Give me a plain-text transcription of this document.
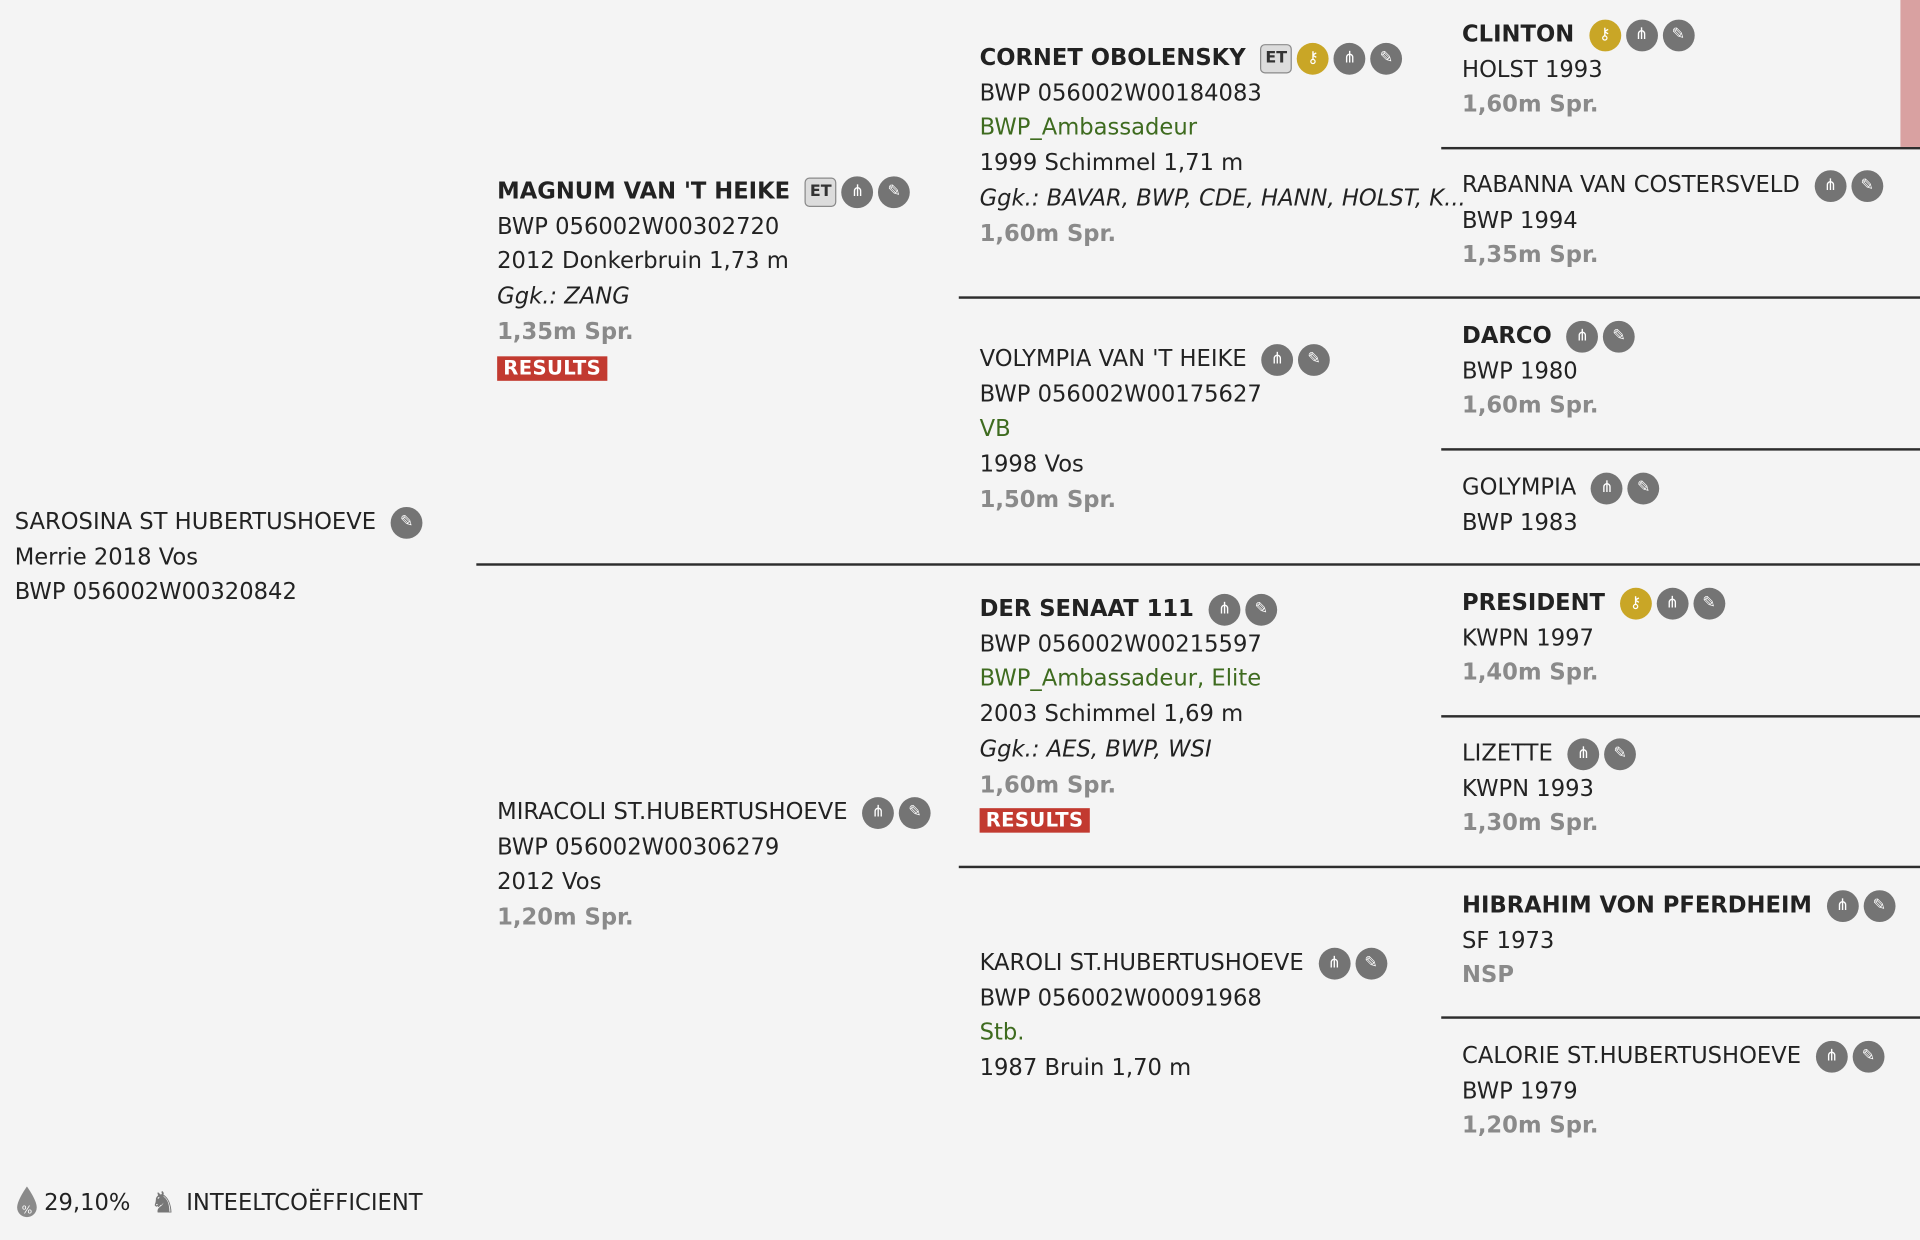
SAROSINA ST HUBERTUSHOEVE	✎
Merrie 2018 Vos
BWP 056002W00320842
MAGNUM VAN 'T HEIKE	ET	⋔	✎
BWP 056002W00302720
2012 Donkerbruin 1,73 m
Ggk.: ZANG
1,35m Spr.
RESULTS
MIRACOLI ST.HUBERTUSHOEVE	⋔	✎
BWP 056002W00306279
2012 Vos
1,20m Spr.
CORNET OBOLENSKY	ET	⚷	⋔	✎
BWP 056002W00184083
BWP_Ambassadeur
1999 Schimmel 1,71 m
Ggk.: BAVAR, BWP, CDE, HANN, HOLST, K...
1,60m Spr.
VOLYMPIA VAN 'T HEIKE	⋔	✎
BWP 056002W00175627
VB
1998 Vos
1,50m Spr.
DER SENAAT 111	⋔	✎
BWP 056002W00215597
BWP_Ambassadeur, Elite
2003 Schimmel 1,69 m
Ggk.: AES, BWP, WSI
1,60m Spr.
RESULTS
KAROLI ST.HUBERTUSHOEVE	⋔	✎
BWP 056002W00091968
Stb.
1987 Bruin 1,70 m
CLINTON	⚷	⋔	✎
HOLST 1993
1,60m Spr.
RABANNA VAN COSTERSVELD	⋔	✎
BWP 1994
1,35m Spr.
DARCO	⋔	✎
BWP 1980
1,60m Spr.
GOLYMPIA	⋔	✎
BWP 1983
PRESIDENT	⚷	⋔	✎
KWPN 1997
1,40m Spr.
LIZETTE	⋔	✎
KWPN 1993
1,30m Spr.
HIBRAHIM VON PFERDHEIM	⋔	✎
SF 1973
NSP
CALORIE ST.HUBERTUSHOEVE	⋔	✎
BWP 1979
1,20m Spr.
% 29,10% ♞ INTEELTCOËFFICIENT
